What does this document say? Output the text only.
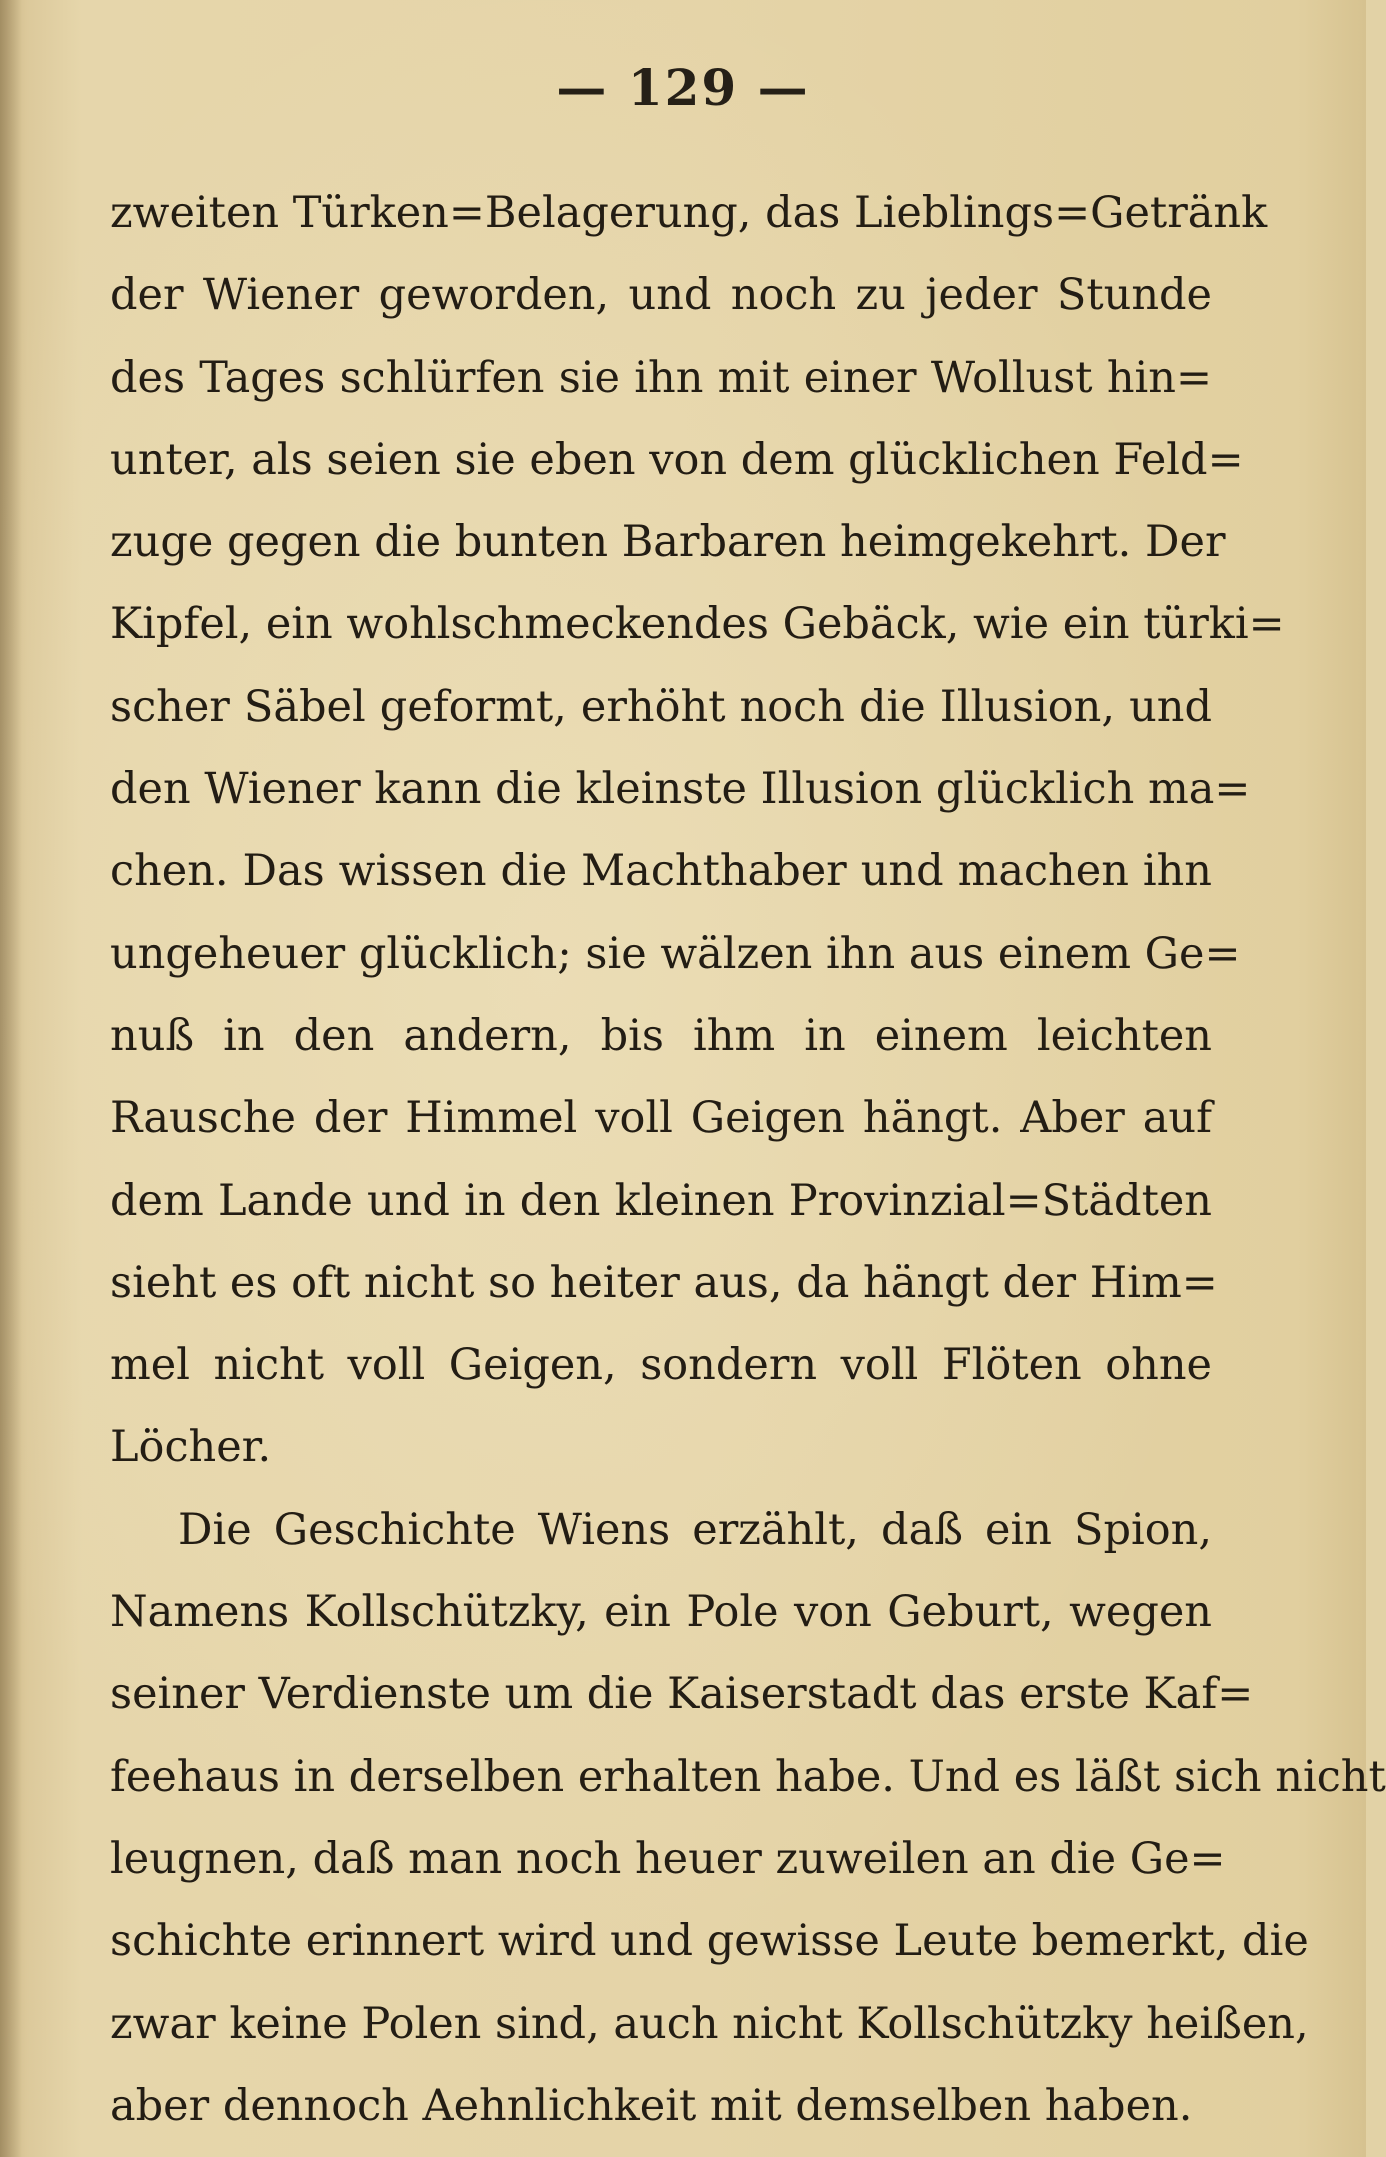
— 129 —
zweiten Türken=Belagerung, das Lieblings=Getränk
der Wiener geworden, und noch zu jeder Stunde
des Tages schlürfen sie ihn mit einer Wollust hin=
unter, als seien sie eben von dem glücklichen Feld=
zuge gegen die bunten Barbaren heimgekehrt. Der
Kipfel, ein wohlschmeckendes Gebäck, wie ein türki=
scher Säbel geformt, erhöht noch die Illusion, und
den Wiener kann die kleinste Illusion glücklich ma=
chen. Das wissen die Machthaber und machen ihn
ungeheuer glücklich; sie wälzen ihn aus einem Ge=
nuß in den andern, bis ihm in einem leichten
Rausche der Himmel voll Geigen hängt. Aber auf
dem Lande und in den kleinen Provinzial=Städten
sieht es oft nicht so heiter aus, da hängt der Him=
mel nicht voll Geigen, sondern voll Flöten ohne
Löcher.
Die Geschichte Wiens erzählt, daß ein Spion,
Namens Kollschützky, ein Pole von Geburt, wegen
seiner Verdienste um die Kaiserstadt das erste Kaf=
feehaus in derselben erhalten habe. Und es läßt sich nicht
leugnen, daß man noch heuer zuweilen an die Ge=
schichte erinnert wird und gewisse Leute bemerkt, die
zwar keine Polen sind, auch nicht Kollschützky heißen,
aber dennoch Aehnlichkeit mit demselben haben.
